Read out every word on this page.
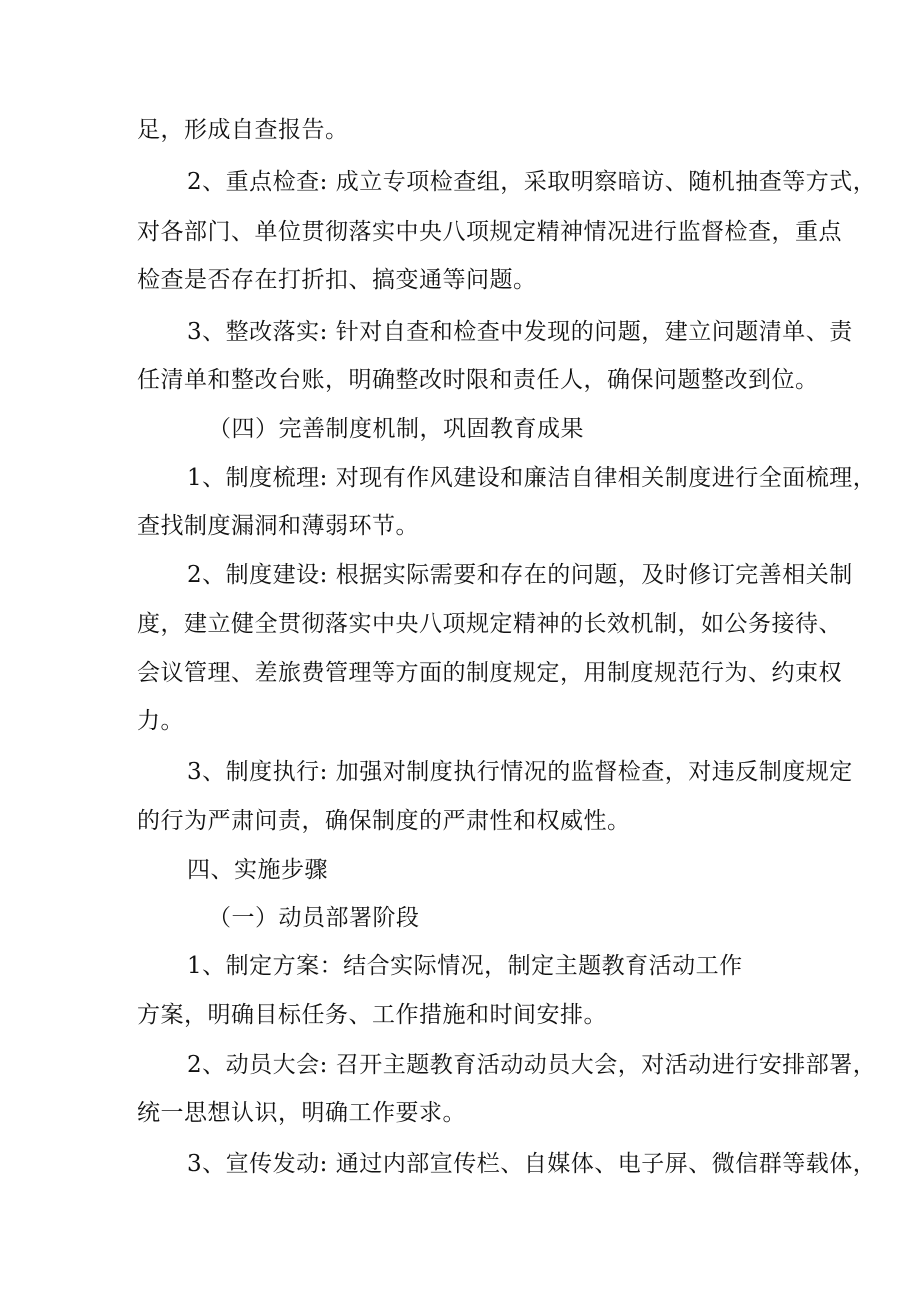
足，形成自查报告。
2、重点检查: 成立专项检查组，采取明察暗访、随机抽查等方式，
对各部门、单位贯彻落实中央八项规定精神情况进行监督检查，重点
检查是否存在打折扣、搞变通等问题。
3、整改落实: 针对自查和检查中发现的问题，建立问题清单、责
任清单和整改台账，明确整改时限和责任人，确保问题整改到位。
（四）完善制度机制，巩固教育成果
1、制度梳理: 对现有作风建设和廉洁自律相关制度进行全面梳理，
查找制度漏洞和薄弱环节。
2、制度建设: 根据实际需要和存在的问题，及时修订完善相关制
度，建立健全贯彻落实中央八项规定精神的长效机制，如公务接待、
会议管理、差旅费管理等方面的制度规定，用制度规范行为、约束权
力。
3、制度执行: 加强对制度执行情况的监督检查，对违反制度规定
的行为严肃问责，确保制度的严肃性和权威性。
四、实施步骤
（一）动员部署阶段
1、制定方案：结合实际情况，制定主题教育活动工作
方案，明确目标任务、工作措施和时间安排。
2、动员大会: 召开主题教育活动动员大会，对活动进行安排部署，
统一思想认识，明确工作要求。
3、宣传发动: 通过内部宣传栏、自媒体、电子屏、微信群等载体，
